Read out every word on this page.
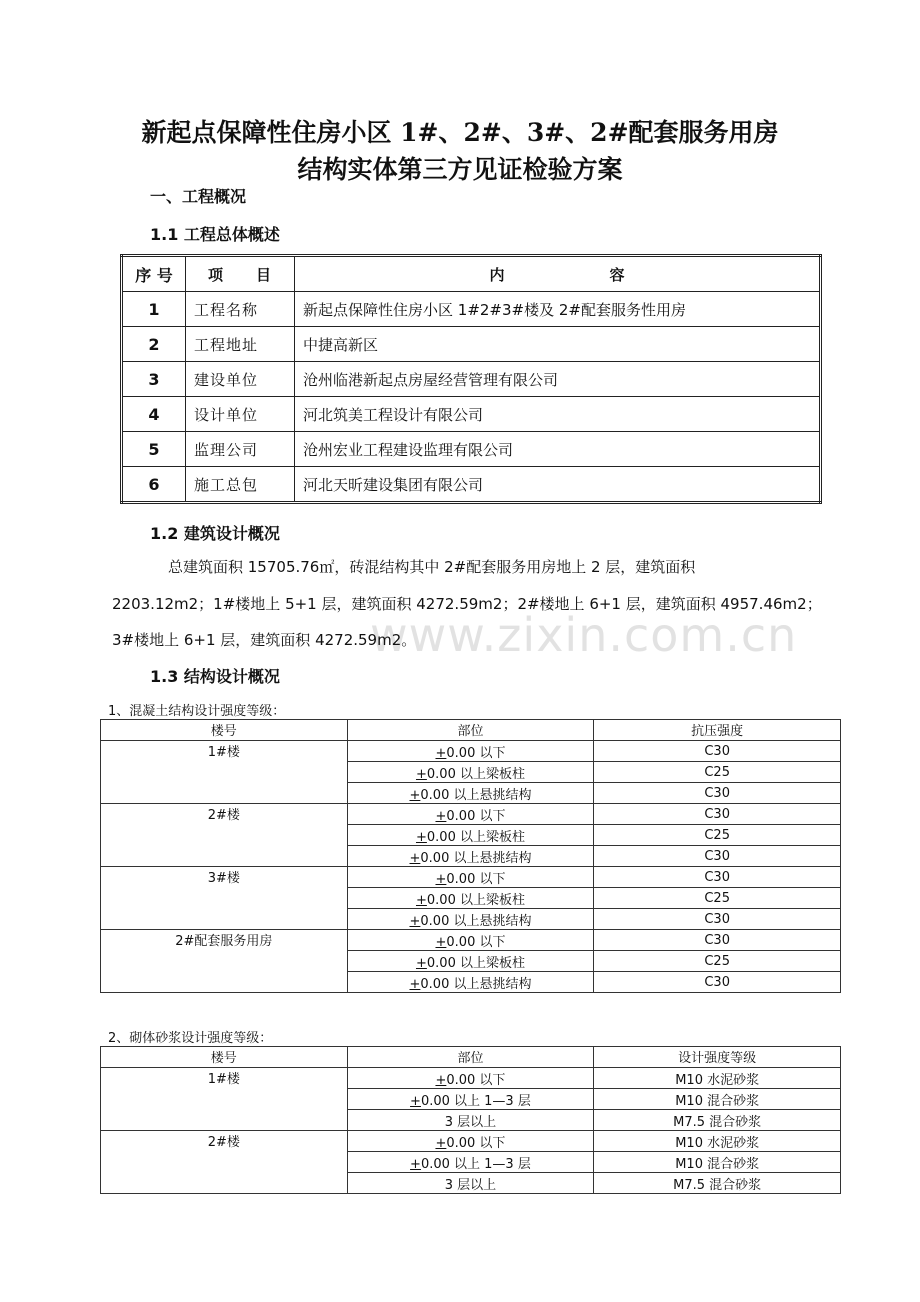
www.zixin.com.cn
新起点保障性住房小区 1#、2#、3#、2#配套服务用房
结构实体第三方见证检验方案
一、工程概况
1.1 工程总体概述
序 号	项　　目	内　　　　　　　容
1	工程名称	新起点保障性住房小区 1#2#3#楼及 2#配套服务性用房
2	工程地址	中捷高新区
3	建设单位	沧州临港新起点房屋经营管理有限公司
4	设计单位	河北筑美工程设计有限公司
5	监理公司	沧州宏业工程建设监理有限公司
6	施工总包	河北天昕建设集团有限公司
1.2 建筑设计概况
总建筑面积 15705.76㎡，砖混结构其中 2#配套服务用房地上 2 层，建筑面积
2203.12m2；1#楼地上 5+1 层，建筑面积 4272.59m2；2#楼地上 6+1 层，建筑面积 4957.46m2；
3#楼地上 6+1 层，建筑面积 4272.59m2。
1.3 结构设计概况
1、混凝土结构设计强度等级：
楼号	部位	抗压强度
1#楼	+0.00 以下	C30
	+0.00 以上梁板柱	C25
	+0.00 以上悬挑结构	C30
2#楼	+0.00 以下	C30
	+0.00 以上梁板柱	C25
	+0.00 以上悬挑结构	C30
3#楼	+0.00 以下	C30
	+0.00 以上梁板柱	C25
	+0.00 以上悬挑结构	C30
2#配套服务用房	+0.00 以下	C30
	+0.00 以上梁板柱	C25
	+0.00 以上悬挑结构	C30
2、砌体砂浆设计强度等级：
楼号	部位	设计强度等级
1#楼	+0.00 以下	M10 水泥砂浆
	+0.00 以上 1—3 层	M10 混合砂浆
	3 层以上	M7.5 混合砂浆
2#楼	+0.00 以下	M10 水泥砂浆
	+0.00 以上 1—3 层	M10 混合砂浆
	3 层以上	M7.5 混合砂浆
